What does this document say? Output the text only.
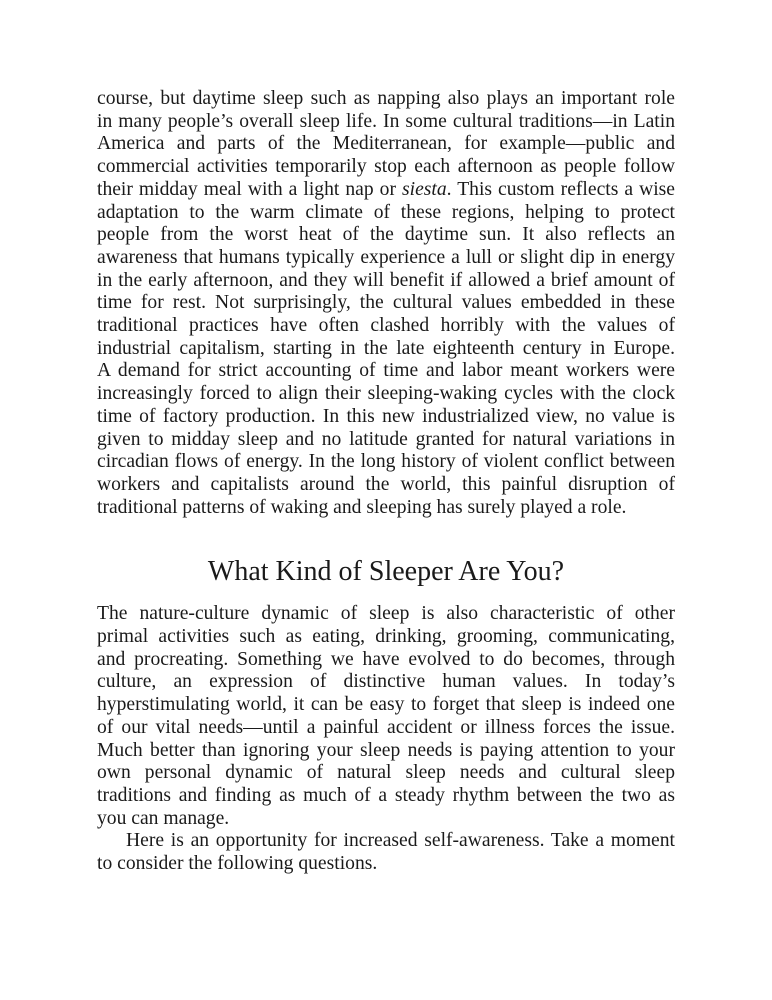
course, but daytime sleep such as napping also plays an important role
in many people’s overall sleep life. In some cultural traditions—in Latin
America and parts of the Mediterranean, for example—public and
commercial activities temporarily stop each afternoon as people follow
their midday meal with a light nap or siesta. This custom reflects a wise
adaptation to the warm climate of these regions, helping to protect
people from the worst heat of the daytime sun. It also reflects an
awareness that humans typically experience a lull or slight dip in energy
in the early afternoon, and they will benefit if allowed a brief amount of
time for rest. Not surprisingly, the cultural values embedded in these
traditional practices have often clashed horribly with the values of
industrial capitalism, starting in the late eighteenth century in Europe.
A demand for strict accounting of time and labor meant workers were
increasingly forced to align their sleeping-waking cycles with the clock
time of factory production. In this new industrialized view, no value is
given to midday sleep and no latitude granted for natural variations in
circadian flows of energy. In the long history of violent conflict between
workers and capitalists around the world, this painful disruption of
traditional patterns of waking and sleeping has surely played a role.

What Kind of Sleeper Are You?

The nature-culture dynamic of sleep is also characteristic of other
primal activities such as eating, drinking, grooming, communicating,
and procreating. Something we have evolved to do becomes, through
culture, an expression of distinctive human values. In today’s
hyperstimulating world, it can be easy to forget that sleep is indeed one
of our vital needs—until a painful accident or illness forces the issue.
Much better than ignoring your sleep needs is paying attention to your
own personal dynamic of natural sleep needs and cultural sleep
traditions and finding as much of a steady rhythm between the two as
you can manage.

Here is an opportunity for increased self-awareness. Take a moment
to consider the following questions.
